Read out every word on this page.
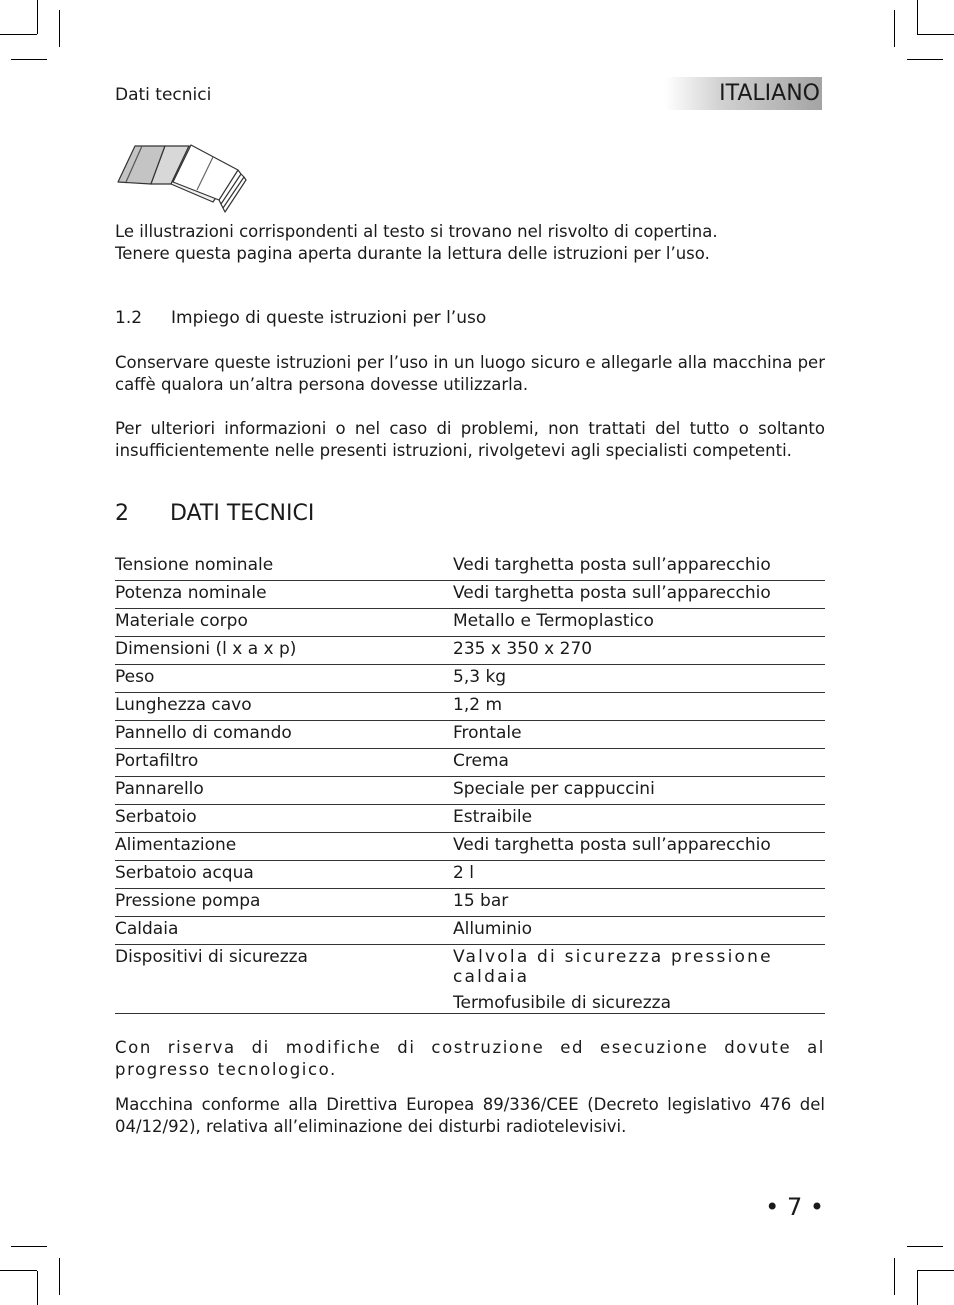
Dati tecnici	ITALIANO
Le illustrazioni corrispondenti al testo si trovano nel risvolto di copertina.
Tenere questa pagina aperta durante la lettura delle istruzioni per l’uso.
1.2 Impiego di queste istruzioni per l’uso
Conservare queste istruzioni per l’uso in un luogo sicuro e allegarle alla macchina per caffè qualora un’altra persona dovesse utilizzarla.
Per ulteriori informazioni o nel caso di problemi, non trattati del tutto o soltanto insufficientemente nelle presenti istruzioni, rivolgetevi agli specialisti competenti.
2 DATI TECNICI
Tensione nominale	Vedi targhetta posta sull’apparecchio
Potenza nominale	Vedi targhetta posta sull’apparecchio
Materiale corpo	Metallo e Termoplastico
Dimensioni (l x a x p)	235 x 350 x 270
Peso	5,3 kg
Lunghezza cavo	1,2 m
Pannello di comando	Frontale
Portafiltro	Crema
Pannarello	Speciale per cappuccini
Serbatoio	Estraibile
Alimentazione	Vedi targhetta posta sull’apparecchio
Serbatoio acqua	2 l
Pressione pompa	15 bar
Caldaia	Alluminio
Dispositivi di sicurezza	Valvola di sicurezza pressione caldaia
Termofusibile di sicurezza
Con riserva di modifiche di costruzione ed esecuzione dovute al progresso tecnologico.
Macchina conforme alla Direttiva Europea 89/336/CEE (Decreto legislativo 476 del 04/12/92), relativa all’eliminazione dei disturbi radiotelevisivi.
• 7 •
